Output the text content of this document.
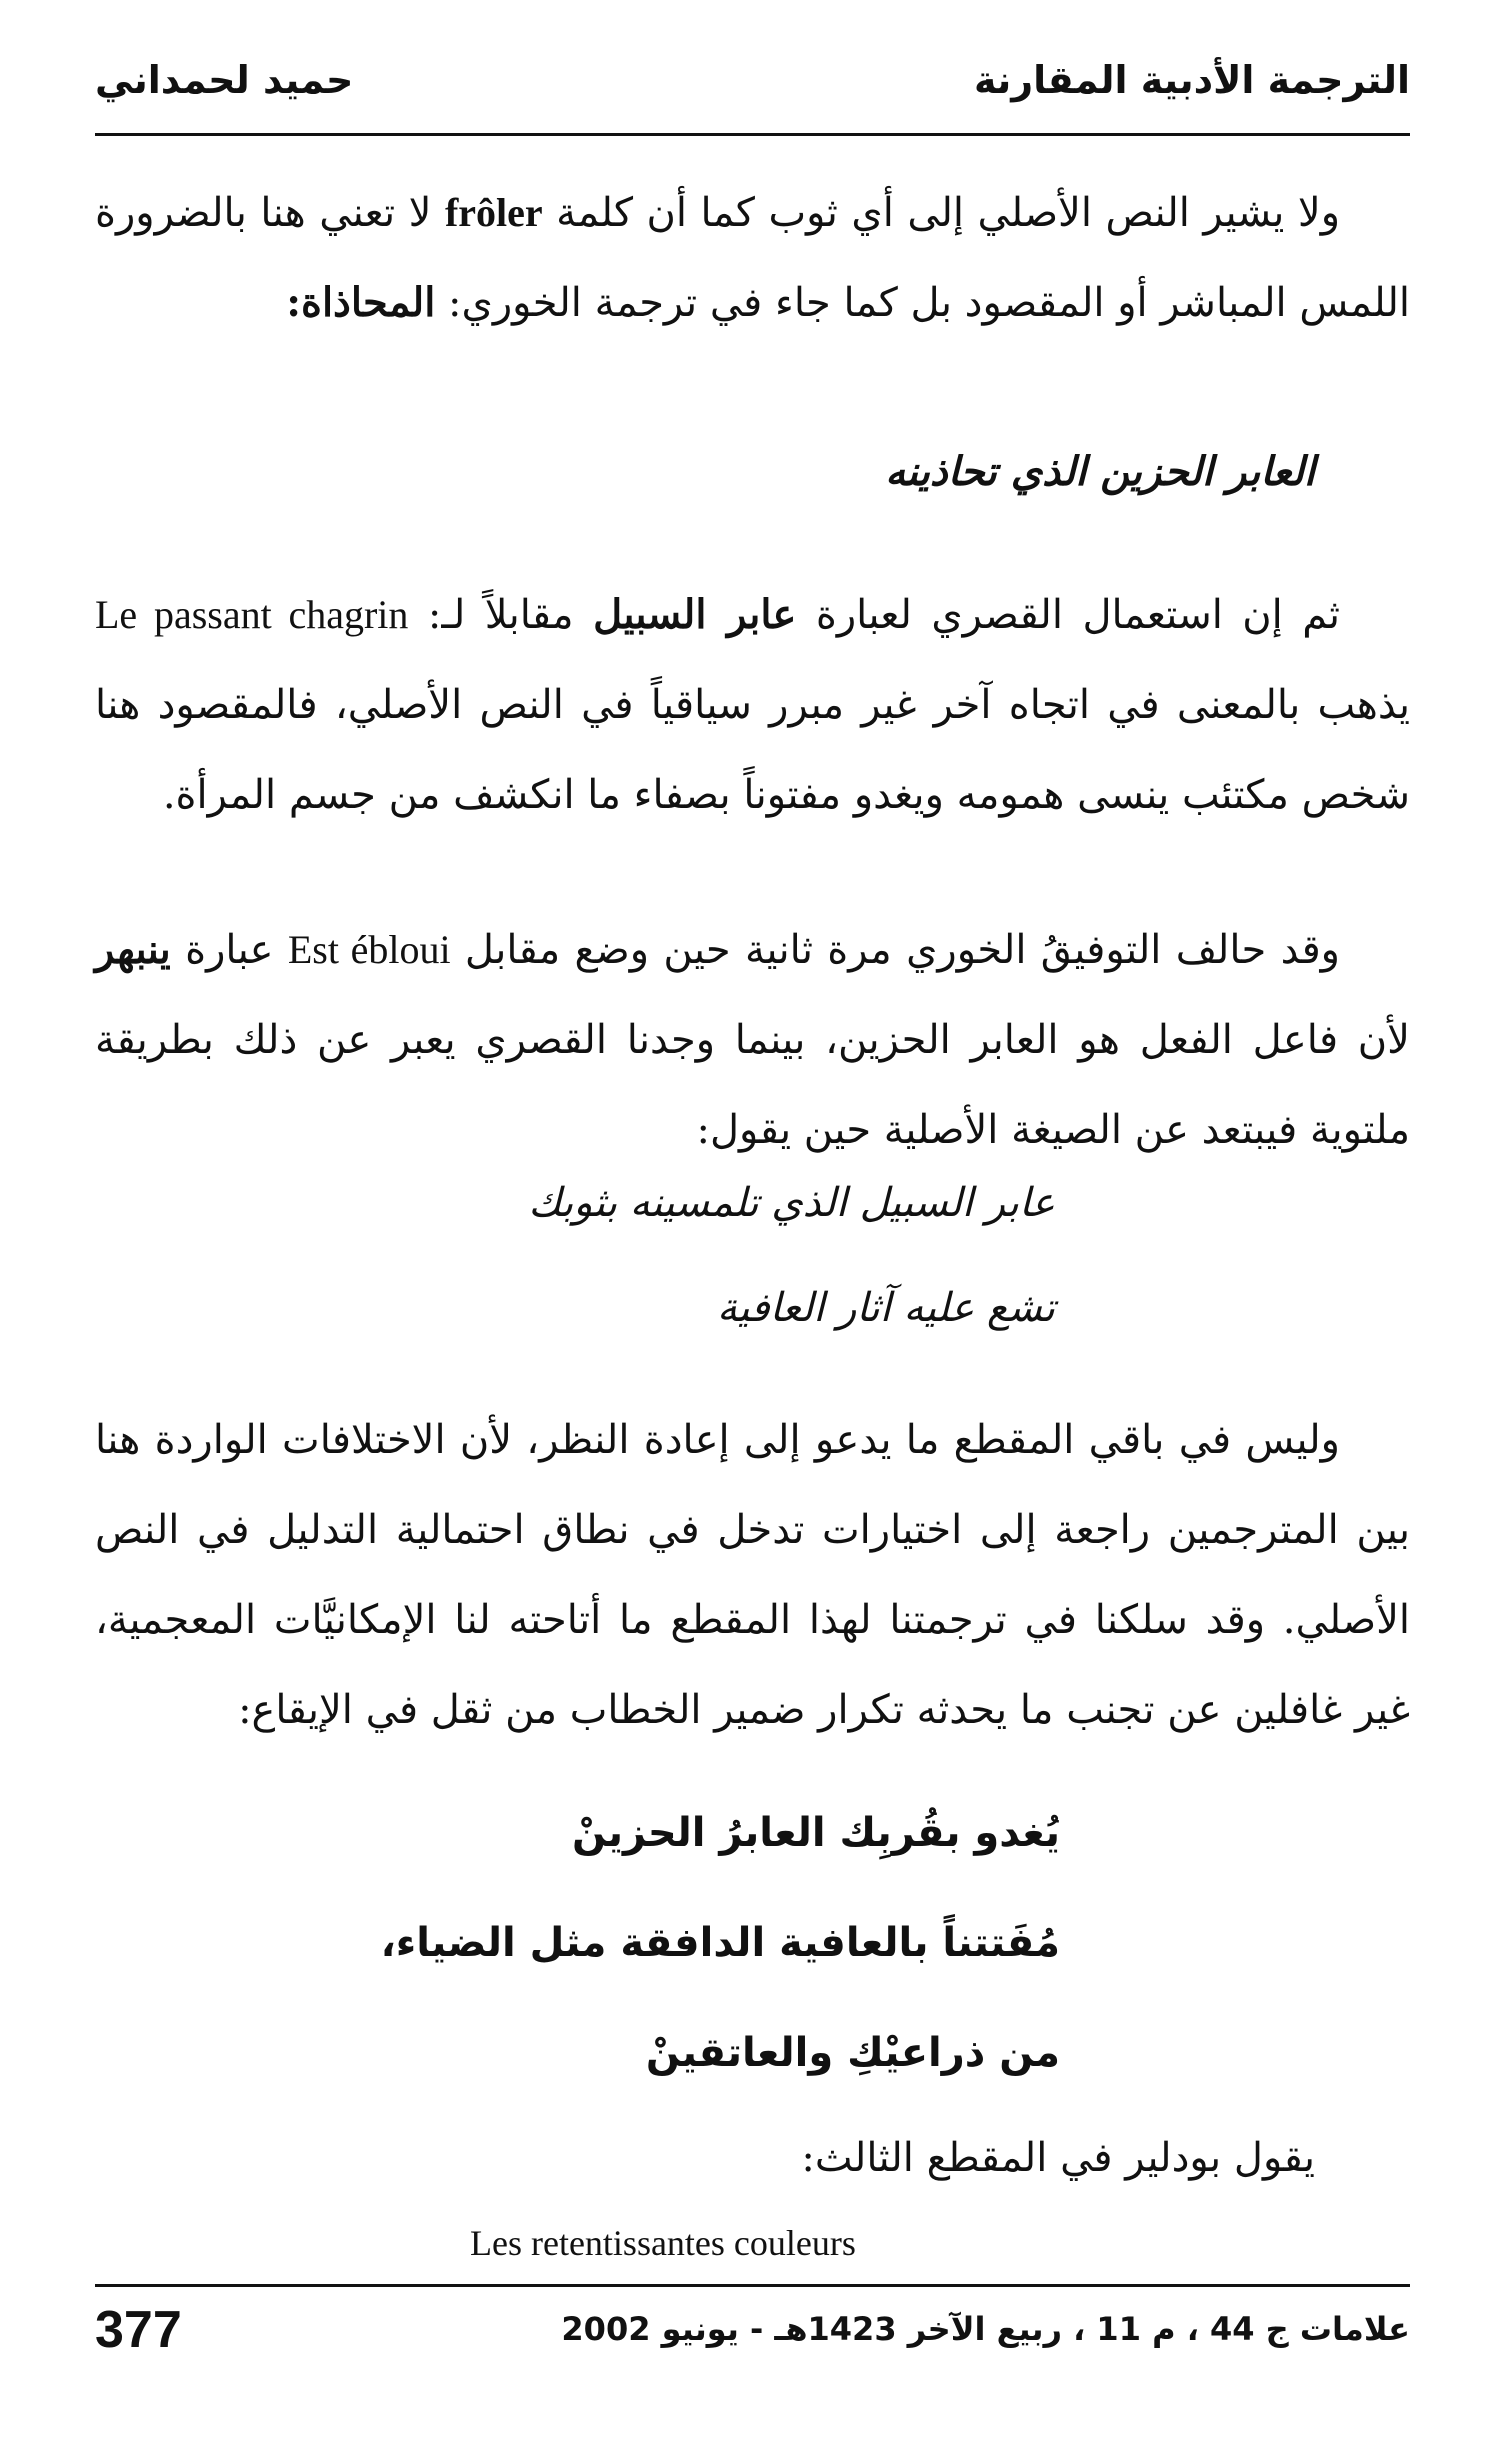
الترجمة الأدبية المقارنة
حميد لحمداني
ولا يشير النص الأصلي إلى أي ثوب كما أن كلمة frôler لا تعني هنا بالضرورة اللمس المباشر أو المقصود بل كما جاء في ترجمة الخوري: المحاذاة:
العابر الحزين الذي تحاذينه
ثم إن استعمال القصري لعبارة عابر السبيل مقابلاً لـ: Le passant chagrin يذهب بالمعنى في اتجاه آخر غير مبرر سياقياً في النص الأصلي، فالمقصود هنا شخص مكتئب ينسى همومه ويغدو مفتوناً بصفاء ما انكشف من جسم المرأة.
وقد حالف التوفيقُ الخوري مرة ثانية حين وضع مقابل Est ébloui عبارة ينبهر لأن فاعل الفعل هو العابر الحزين، بينما وجدنا القصري يعبر عن ذلك بطريقة ملتوية فيبتعد عن الصيغة الأصلية حين يقول:
عابر السبيل الذي تلمسينه بثوبك
تشع عليه آثار العافية
وليس في باقي المقطع ما يدعو إلى إعادة النظر، لأن الاختلافات الواردة هنا بين المترجمين راجعة إلى اختيارات تدخل في نطاق احتمالية التدليل في النص الأصلي. وقد سلكنا في ترجمتنا لهذا المقطع ما أتاحته لنا الإمكانيَّات المعجمية، غير غافلين عن تجنب ما يحدثه تكرار ضمير الخطاب من ثقل في الإيقاع:
يُغدو بقُربِك العابرُ الحزينْ
مُفَتتناً بالعافية الدافقة مثل الضياء،
من ذراعيْكِ والعاتقينْ
يقول بودلير في المقطع الثالث:
Les retentissantes couleurs
377	علامات ج 44 ، م 11 ، ربيع الآخر 1423هـ - يونيو 2002
